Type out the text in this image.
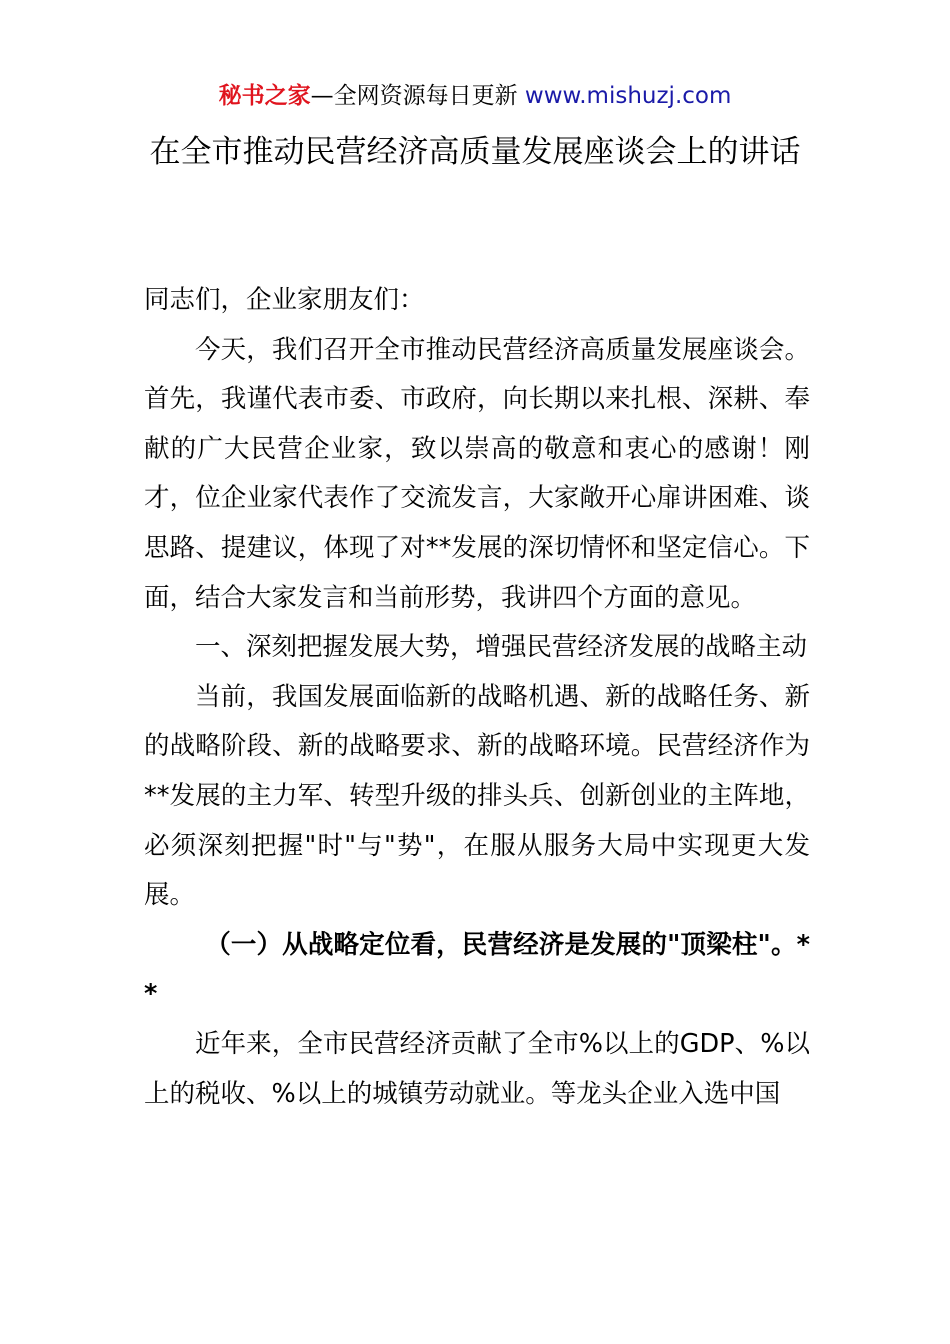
秘书之家—全网资源每日更新 www.mishuzj.com
在全市推动民营经济高质量发展座谈会上的讲话

同志们，企业家朋友们：

今天，我们召开全市推动民营经济高质量发展座谈会。首先，我谨代表市委、市政府，向长期以来扎根、深耕、奉献的广大民营企业家，致以崇高的敬意和衷心的感谢！刚才，位企业家代表作了交流发言，大家敞开心扉讲困难、谈思路、提建议，体现了对**发展的深切情怀和坚定信心。下面，结合大家发言和当前形势，我讲四个方面的意见。

一、深刻把握发展大势，增强民营经济发展的战略主动

当前，我国发展面临新的战略机遇、新的战略任务、新的战略阶段、新的战略要求、新的战略环境。民营经济作为**发展的主力军、转型升级的排头兵、创新创业的主阵地，必须深刻把握"时"与"势"，在服从服务大局中实现更大发展。

（一）从战略定位看，民营经济是发展的"顶梁柱"。**

近年来，全市民营经济贡献了全市%以上的GDP、%以上的税收、%以上的城镇劳动就业。等龙头企业入选中国
